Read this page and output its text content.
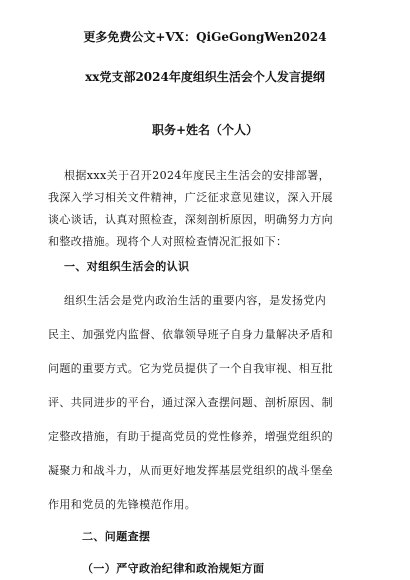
更多免费公文+VX：QiGeGongWen2024
xx党支部2024年度组织生活会个人发言提纲
职务+姓名（个人）
根据xxx关于召开2024年度民主生活会的安排部署，
我深入学习相关文件精神，广泛征求意见建议，深入开展
谈心谈话，认真对照检查，深刻剖析原因，明确努力方向
和整改措施。现将个人对照检查情况汇报如下：
一、对组织生活会的认识
组织生活会是党内政治生活的重要内容，是发扬党内
民主、加强党内监督、依靠领导班子自身力量解决矛盾和
问题的重要方式。它为党员提供了一个自我审视、相互批
评、共同进步的平台，通过深入查摆问题、剖析原因、制
定整改措施，有助于提高党员的党性修养，增强党组织的
凝聚力和战斗力，从而更好地发挥基层党组织的战斗堡垒
作用和党员的先锋模范作用。
二、问题查摆
（一）严守政治纪律和政治规矩方面
